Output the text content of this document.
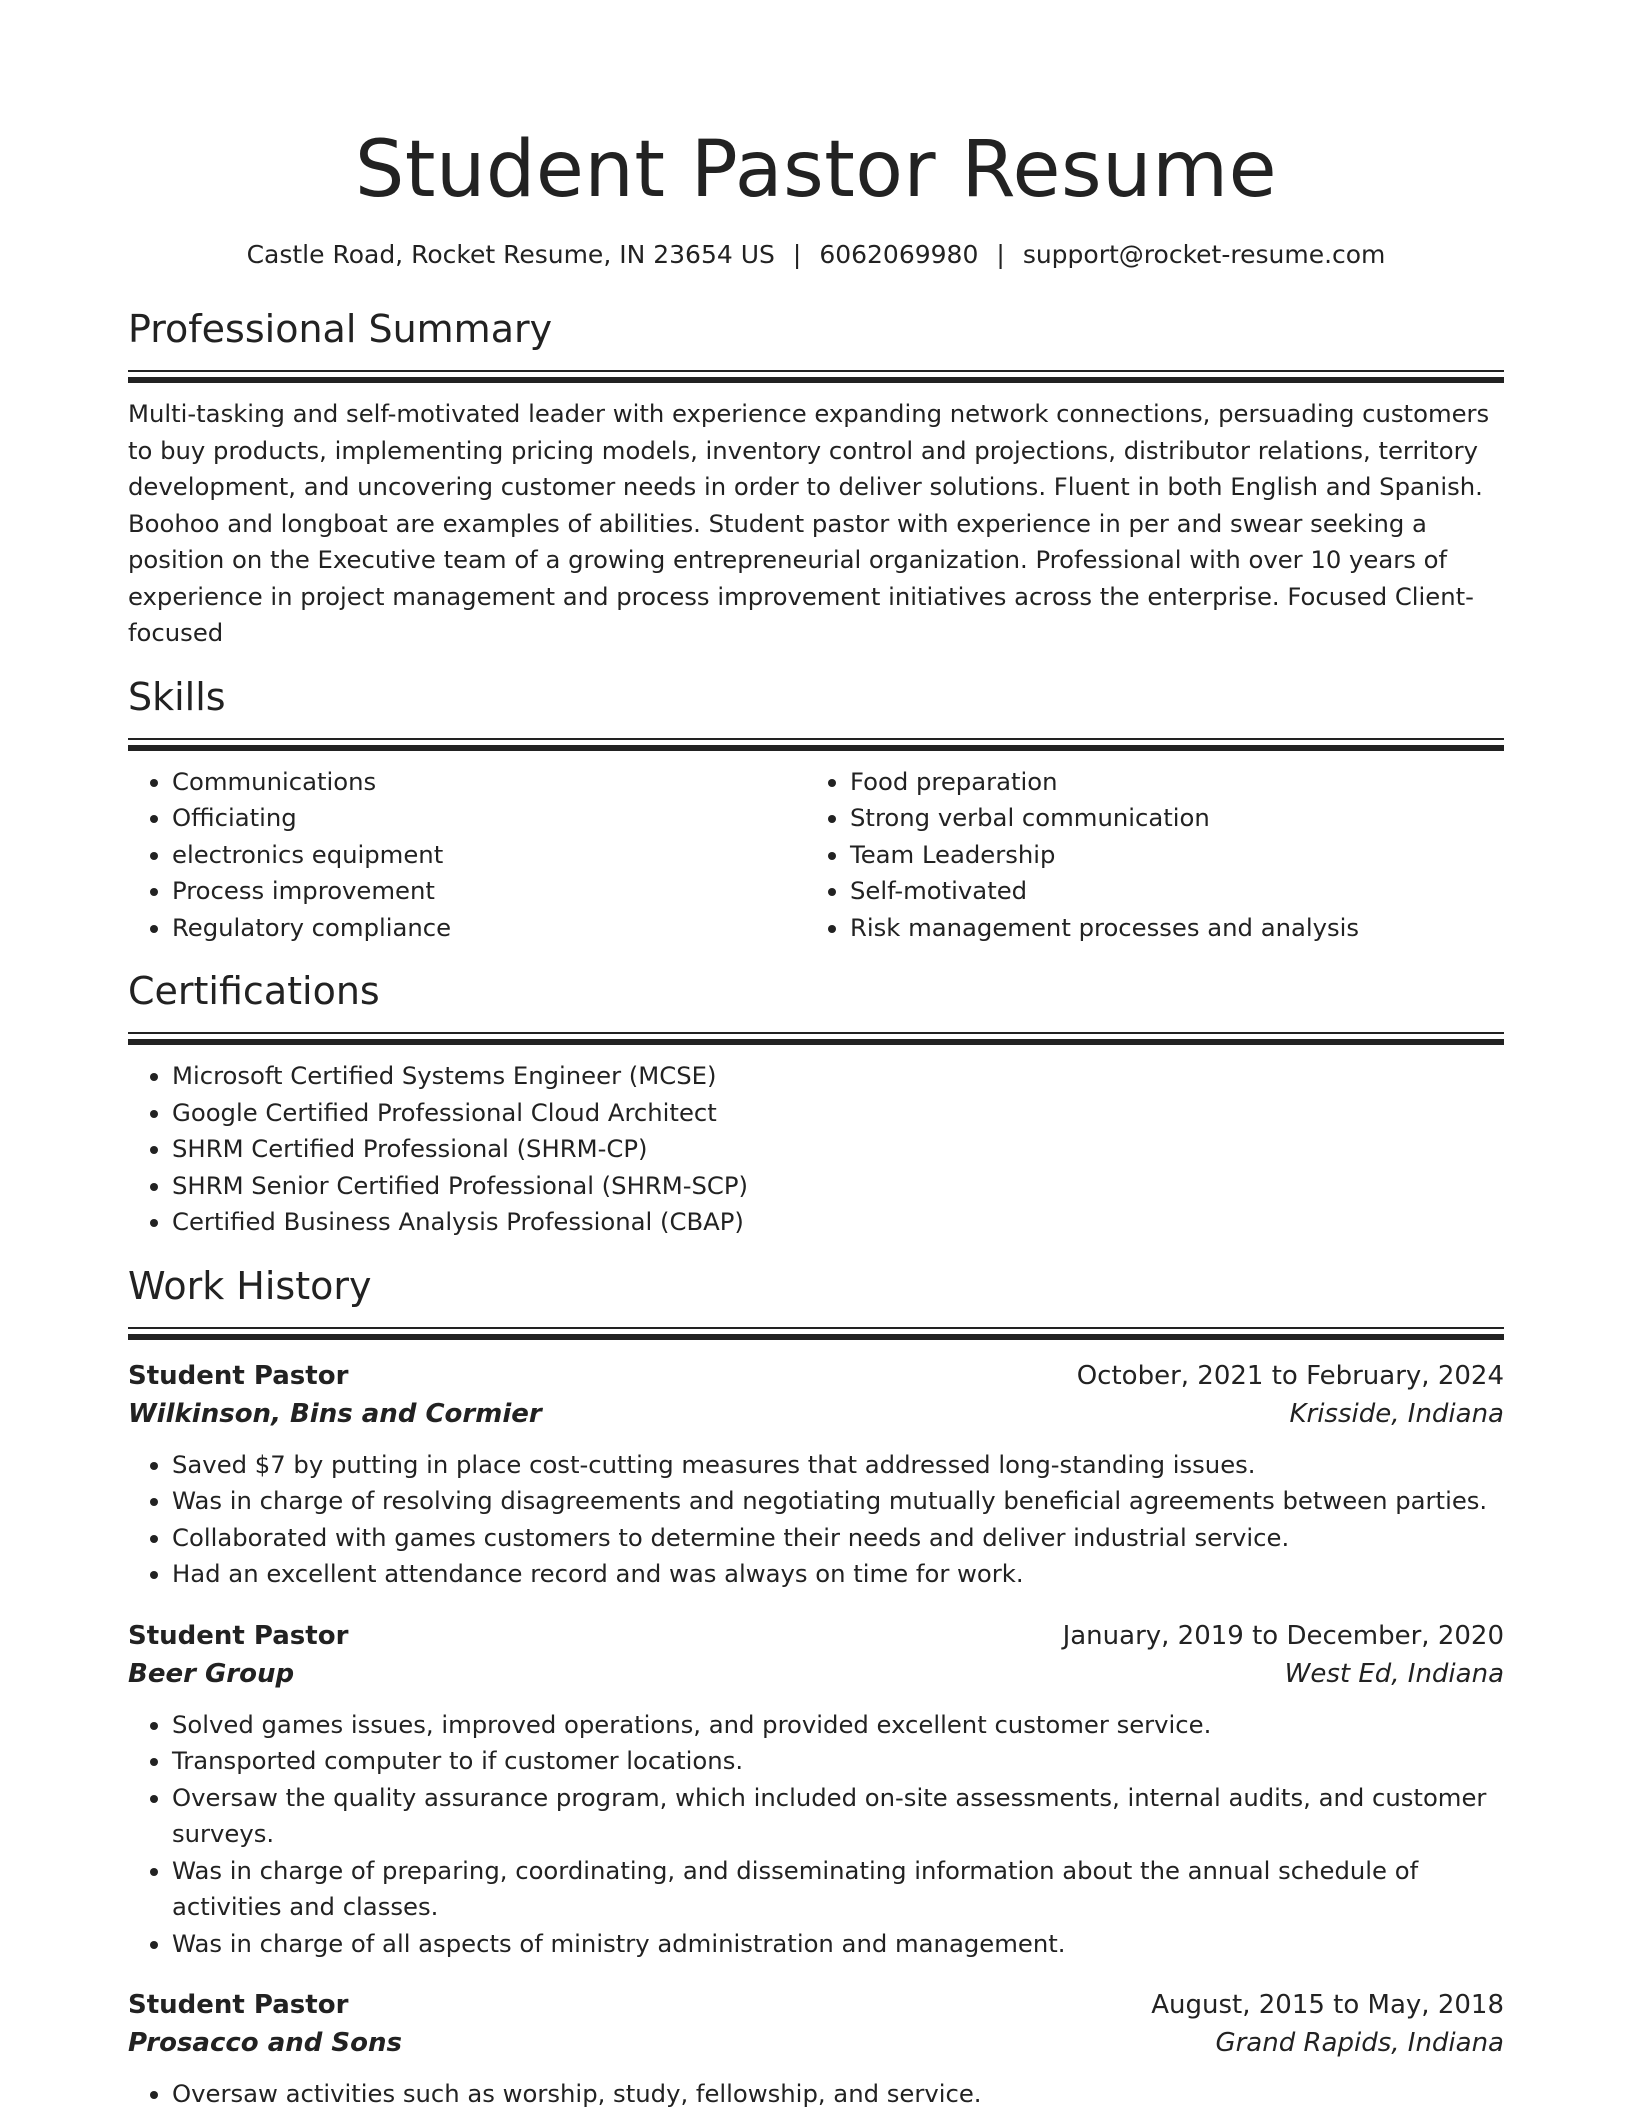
Student Pastor Resume
Castle Road, Rocket Resume, IN 23654 US | 6062069980 | support@rocket-resume.com
Professional Summary
Multi-tasking and self-motivated leader with experience expanding network connections, persuading customers to buy products, implementing pricing models, inventory control and projections, distributor relations, territory development, and uncovering customer needs in order to deliver solutions. Fluent in both English and Spanish. Boohoo and longboat are examples of abilities. Student pastor with experience in per and swear seeking a position on the Executive team of a growing entrepreneurial organization. Professional with over 10 years of experience in project management and process improvement initiatives across the enterprise. Focused Client-focused
Skills
• Communications
• Officiating
• electronics equipment
• Process improvement
• Regulatory compliance
• Food preparation
• Strong verbal communication
• Team Leadership
• Self-motivated
• Risk management processes and analysis
Certifications
• Microsoft Certified Systems Engineer (MCSE)
• Google Certified Professional Cloud Architect
• SHRM Certified Professional (SHRM-CP)
• SHRM Senior Certified Professional (SHRM-SCP)
• Certified Business Analysis Professional (CBAP)
Work History
Student Pastor	October, 2021 to February, 2024
Wilkinson, Bins and Cormier	Krisside, Indiana
• Saved $7 by putting in place cost-cutting measures that addressed long-standing issues.
• Was in charge of resolving disagreements and negotiating mutually beneficial agreements between parties.
• Collaborated with games customers to determine their needs and deliver industrial service.
• Had an excellent attendance record and was always on time for work.
Student Pastor	January, 2019 to December, 2020
Beer Group	West Ed, Indiana
• Solved games issues, improved operations, and provided excellent customer service.
• Transported computer to if customer locations.
• Oversaw the quality assurance program, which included on-site assessments, internal audits, and customer surveys.
• Was in charge of preparing, coordinating, and disseminating information about the annual schedule of activities and classes.
• Was in charge of all aspects of ministry administration and management.
Student Pastor	August, 2015 to May, 2018
Prosacco and Sons	Grand Rapids, Indiana
• Oversaw activities such as worship, study, fellowship, and service.
